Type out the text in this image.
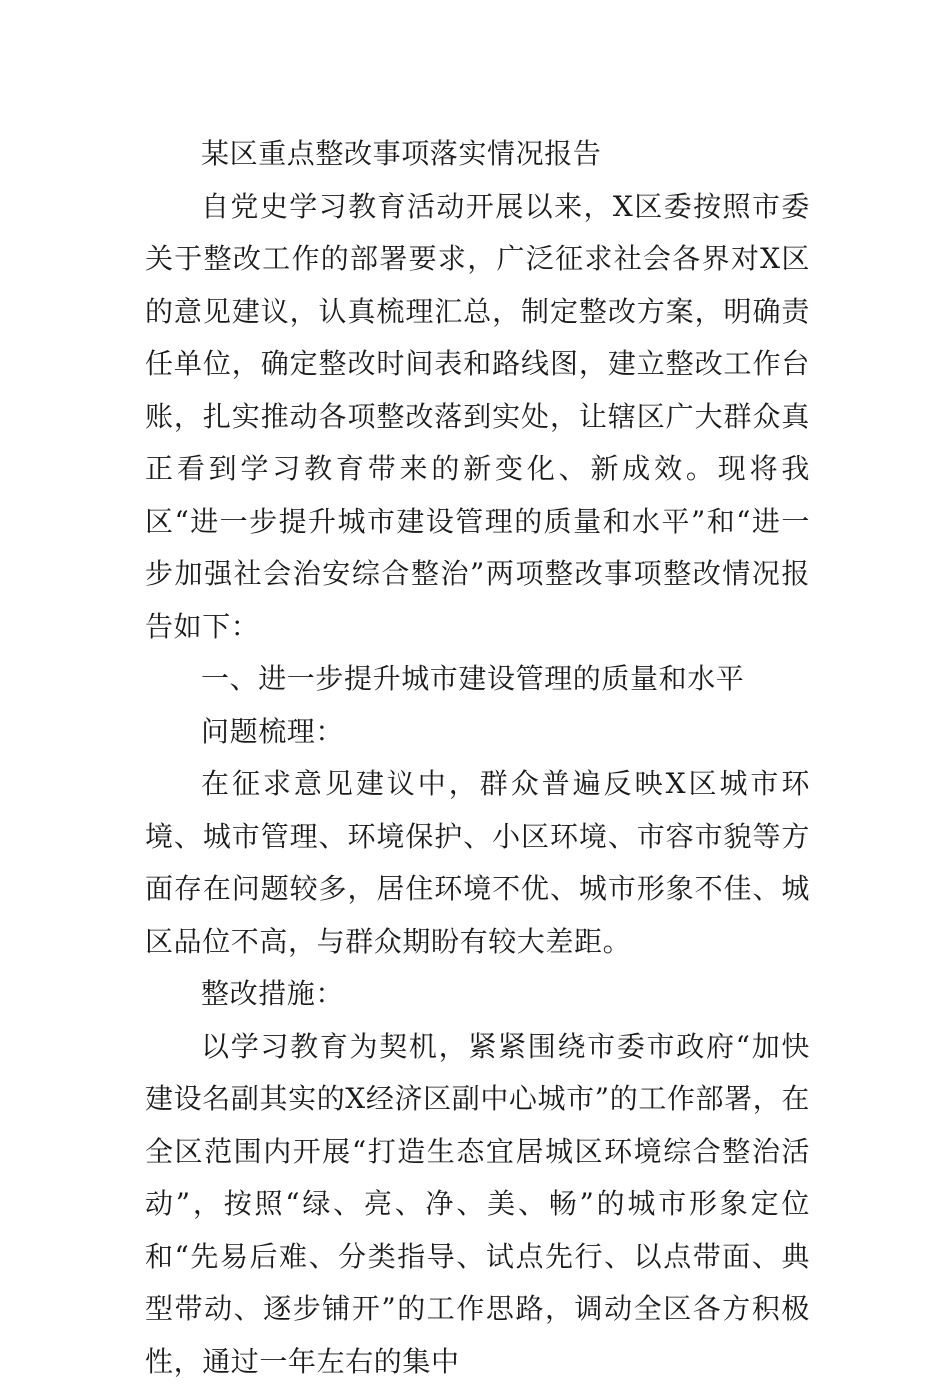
某区重点整改事项落实情况报告

自党史学习教育活动开展以来，X区委按照市委关于整改工作的部署要求，广泛征求社会各界对X区的意见建议，认真梳理汇总，制定整改方案，明确责任单位，确定整改时间表和路线图，建立整改工作台账，扎实推动各项整改落到实处，让辖区广大群众真正看到学习教育带来的新变化、新成效。现将我区“进一步提升城市建设管理的质量和水平”和“进一步加强社会治安综合整治”两项整改事项整改情况报告如下：

一、进一步提升城市建设管理的质量和水平

问题梳理：

在征求意见建议中，群众普遍反映X区城市环境、城市管理、环境保护、小区环境、市容市貌等方面存在问题较多，居住环境不优、城市形象不佳、城区品位不高，与群众期盼有较大差距。

整改措施：

以学习教育为契机，紧紧围绕市委市政府“加快建设名副其实的X经济区副中心城市”的工作部署，在全区范围内开展“打造生态宜居城区环境综合整治活动”，按照“绿、亮、净、美、畅”的城市形象定位和“先易后难、分类指导、试点先行、以点带面、典型带动、逐步铺开”的工作思路，调动全区各方积极性，通过一年左右的集中
